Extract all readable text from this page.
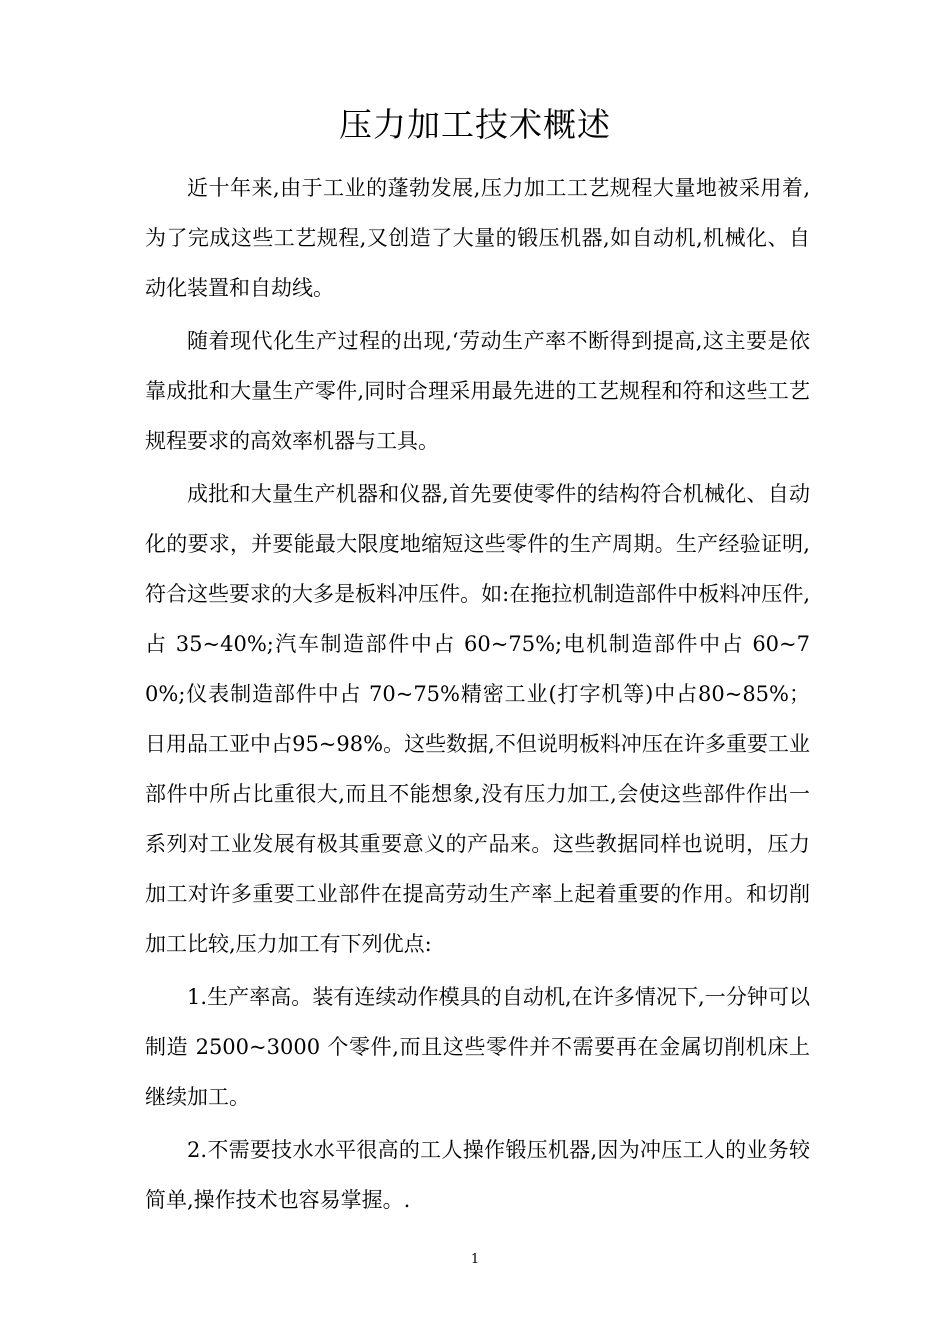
压力加工技术概述

近十年来,由于工业的蓬勃发展,压力加工工艺规程大量地被采用着,为了完成这些工艺规程,又创造了大量的锻压机器,如自动机,机械化、自动化装置和自劫线。

随着现代化生产过程的出现,‘劳动生产率不断得到提高,这主要是依靠成批和大量生产零件,同时合理采用最先进的工艺规程和符和这些工艺规程要求的高效率机器与工具。

成批和大量生产机器和仪器,首先要使零件的结构符合机械化、自动化的要求，并要能最大限度地缩短这些零件的生产周期。生产经验证明,符合这些要求的大多是板料冲压件。如:在拖拉机制造部件中板料冲压件,占 35~40%;汽车制造部件中占 60~75%;电机制造部件中占 60~70%;仪表制造部件中占 70~75%精密工业(打字机等)中占80~85%；日用品工亚中占95~98%。这些数据,不但说明板料冲压在许多重要工业部件中所占比重很大,而且不能想象,没有压力加工,会使这些部件作出一系列对工业发展有极其重要意义的产品来。这些教据同样也说明，压力加工对许多重要工业部件在提高劳动生产率上起着重要的作用。和切削加工比较,压力加工有下列优点:

1.生产率高。装有连续动作模具的自动机,在许多情况下,一分钟可以制造 2500~3000 个零件,而且这些零件并不需要再在金属切削机床上继续加工。

2.不需要技水水平很高的工人操作锻压机器,因为冲压工人的业务较简单,操作技术也容易掌握。.

1
